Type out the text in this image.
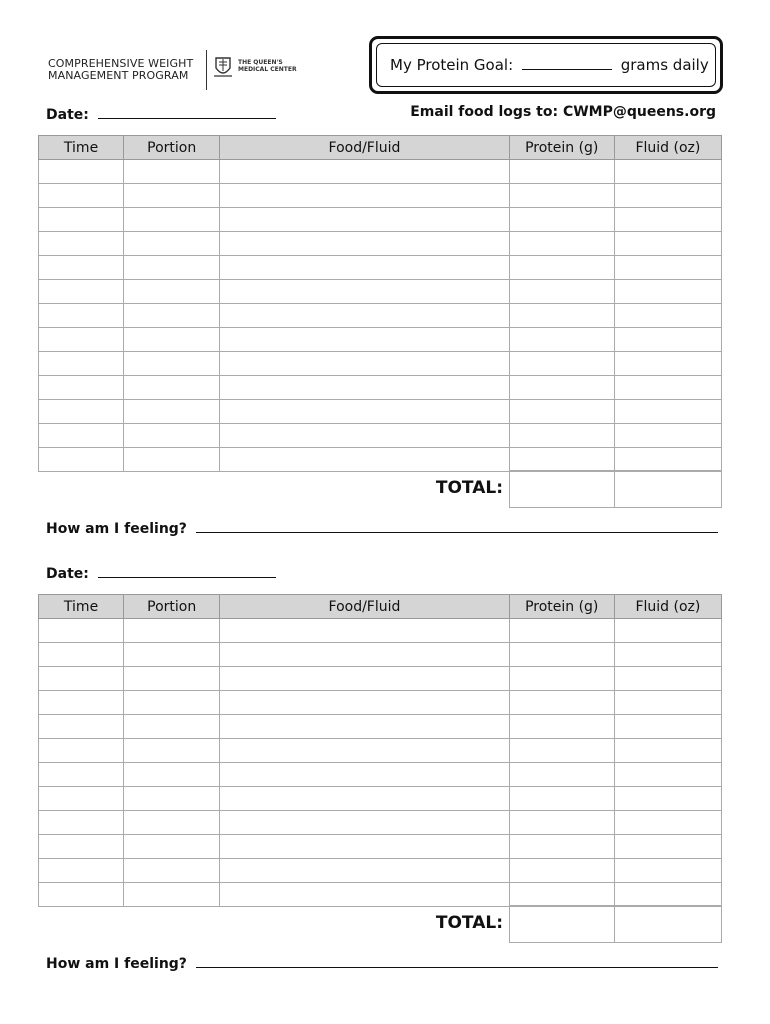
COMPREHENSIVE WEIGHT
MANAGEMENT PROGRAM
THE QUEEN'S
MEDICAL CENTER	My Protein Goal:	grams daily
Date:	Email food logs to: CWMP@queens.org
Time	Portion	Food/Fluid	Protein (g)	Fluid (oz)

TOTAL:
How am I feeling?
Date:
Time	Portion	Food/Fluid	Protein (g)	Fluid (oz)

TOTAL:
How am I feeling?
